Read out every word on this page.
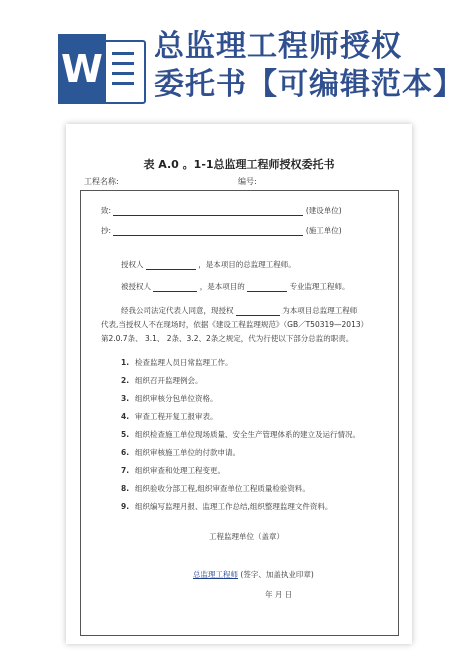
W
总监理工程师授权
委托书【可编辑范本】
表 A.0 。1-1总监理工程师授权委托书
工程名称:	编号:
致:	(建设单位)
抄:	(施工单位)
授权人	，是本项目的总监理工程师。
被授权人	，是本项目的	专业监理工程师。
经我公司法定代表人同意，现授权	为本项目总监理工程师
代表,当授权人不在现场时，依据《建设工程监理规范》（GB／T50319—2013）
第2.0.7条、 3.1、 2条、3.2、2条之规定，代为行使以下部分总监的职责。
1. 检查监理人员日常监理工作。
2. 组织召开监理例会。
3. 组织审核分包单位资格。
4. 审查工程开复工报审表。
5. 组织检查施工单位现场质量、安全生产管理体系的建立及运行情况。
6. 组织审核施工单位的付款申请。
7. 组织审查和处理工程变更。
8. 组织验收分部工程,组织审查单位工程质量检验资料。
9. 组织编写监理月报、监理工作总结,组织整理监理文件资料。
工程监理单位（盖章）
总监理工程师 (签字、加盖执业印章)
年 月 日
